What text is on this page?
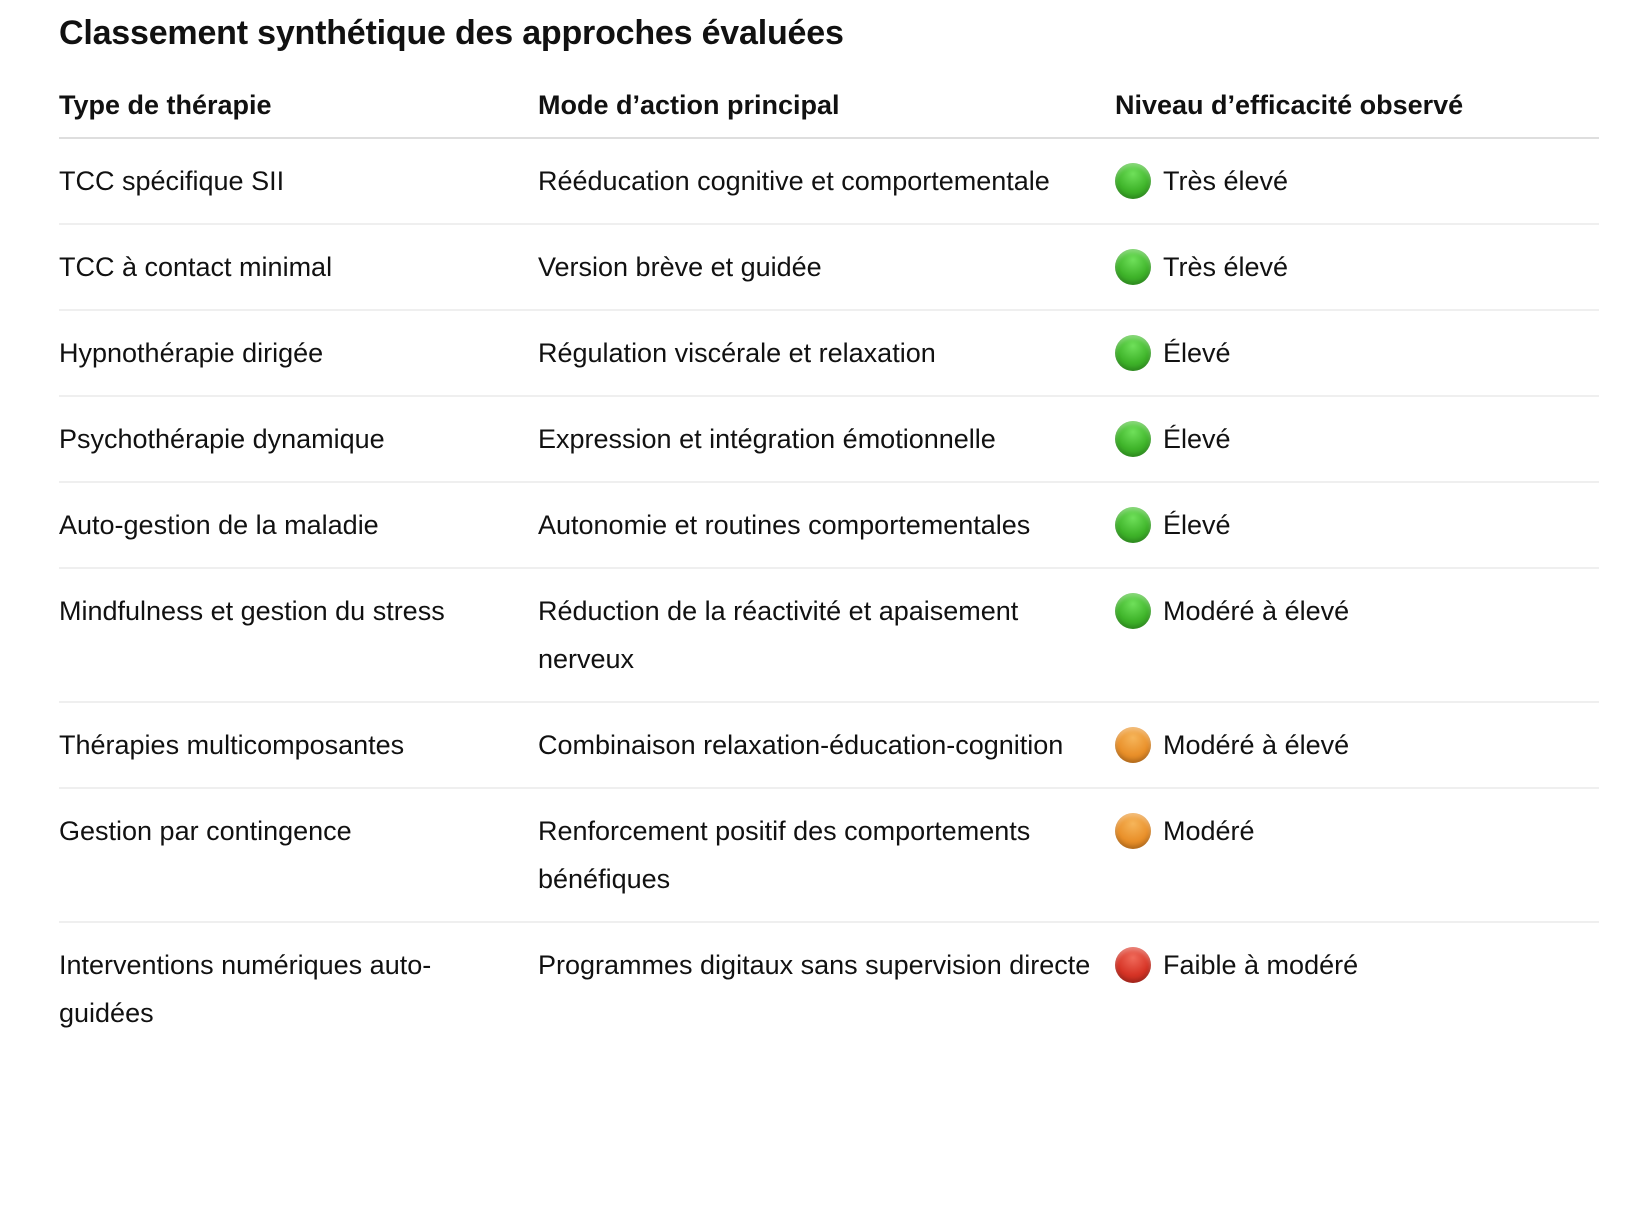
Classement synthétique des approches évaluées
Type de thérapie	Mode d’action principal	Niveau d’efficacité observé
TCC spécifique SII	Rééducation cognitive et comportementale	Très élevé

TCC à contact minimal	Version brève et guidée	Très élevé

Hypnothérapie dirigée	Régulation viscérale et relaxation	Élevé

Psychothérapie dynamique	Expression et intégration émotionnelle	Élevé

Auto-gestion de la maladie	Autonomie et routines comportementales	Élevé

Mindfulness et gestion du stress	Réduction de la réactivité et apaisement nerveux	Modéré à élevé

Thérapies multicomposantes	Combinaison relaxation-éducation-cognition	Modéré à élevé

Gestion par contingence	Renforcement positif des comportements bénéfiques	Modéré

Interventions numériques auto-guidées	Programmes digitaux sans supervision directe	Faible à modéré
